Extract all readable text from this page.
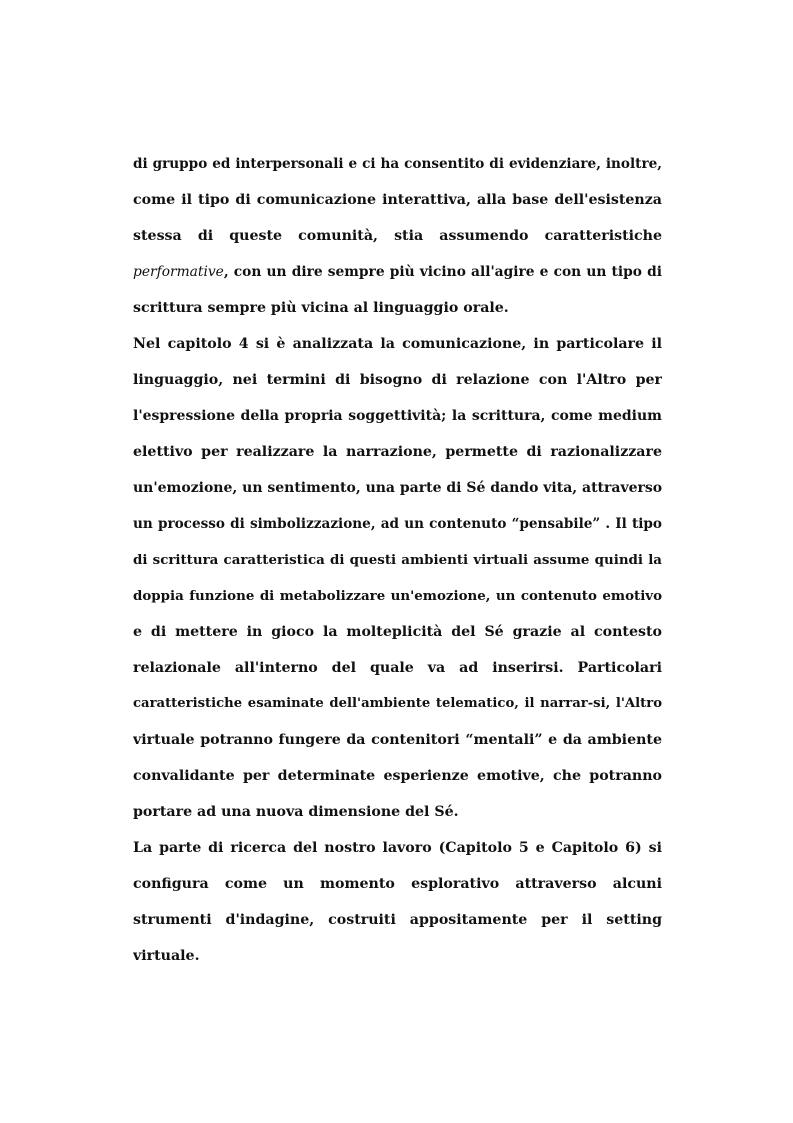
di gruppo ed interpersonali e ci ha consentito di evidenziare, inoltre,
come il tipo di comunicazione interattiva, alla base dell'esistenza
stessa di queste comunità, stia assumendo caratteristiche
performative, con un dire sempre più vicino all'agire e con un tipo di
scrittura sempre più vicina al linguaggio orale.
Nel capitolo 4 si è analizzata la comunicazione, in particolare il
linguaggio, nei termini di bisogno di relazione con l'Altro per
l'espressione della propria soggettività; la scrittura, come medium
elettivo per realizzare la narrazione, permette di razionalizzare
un'emozione, un sentimento, una parte di Sé dando vita, attraverso
un processo di simbolizzazione, ad un contenuto “pensabile” . Il tipo
di scrittura caratteristica di questi ambienti virtuali assume quindi la
doppia funzione di metabolizzare un'emozione, un contenuto emotivo
e di mettere in gioco la molteplicità del Sé grazie al contesto
relazionale all'interno del quale va ad inserirsi. Particolari
caratteristiche esaminate dell'ambiente telematico, il narrar-si, l'Altro
virtuale potranno fungere da contenitori “mentali” e da ambiente
convalidante per determinate esperienze emotive, che potranno
portare ad una nuova dimensione del Sé.
La parte di ricerca del nostro lavoro (Capitolo 5 e Capitolo 6) si
configura come un momento esplorativo attraverso alcuni
strumenti d'indagine, costruiti appositamente per il setting
virtuale.
